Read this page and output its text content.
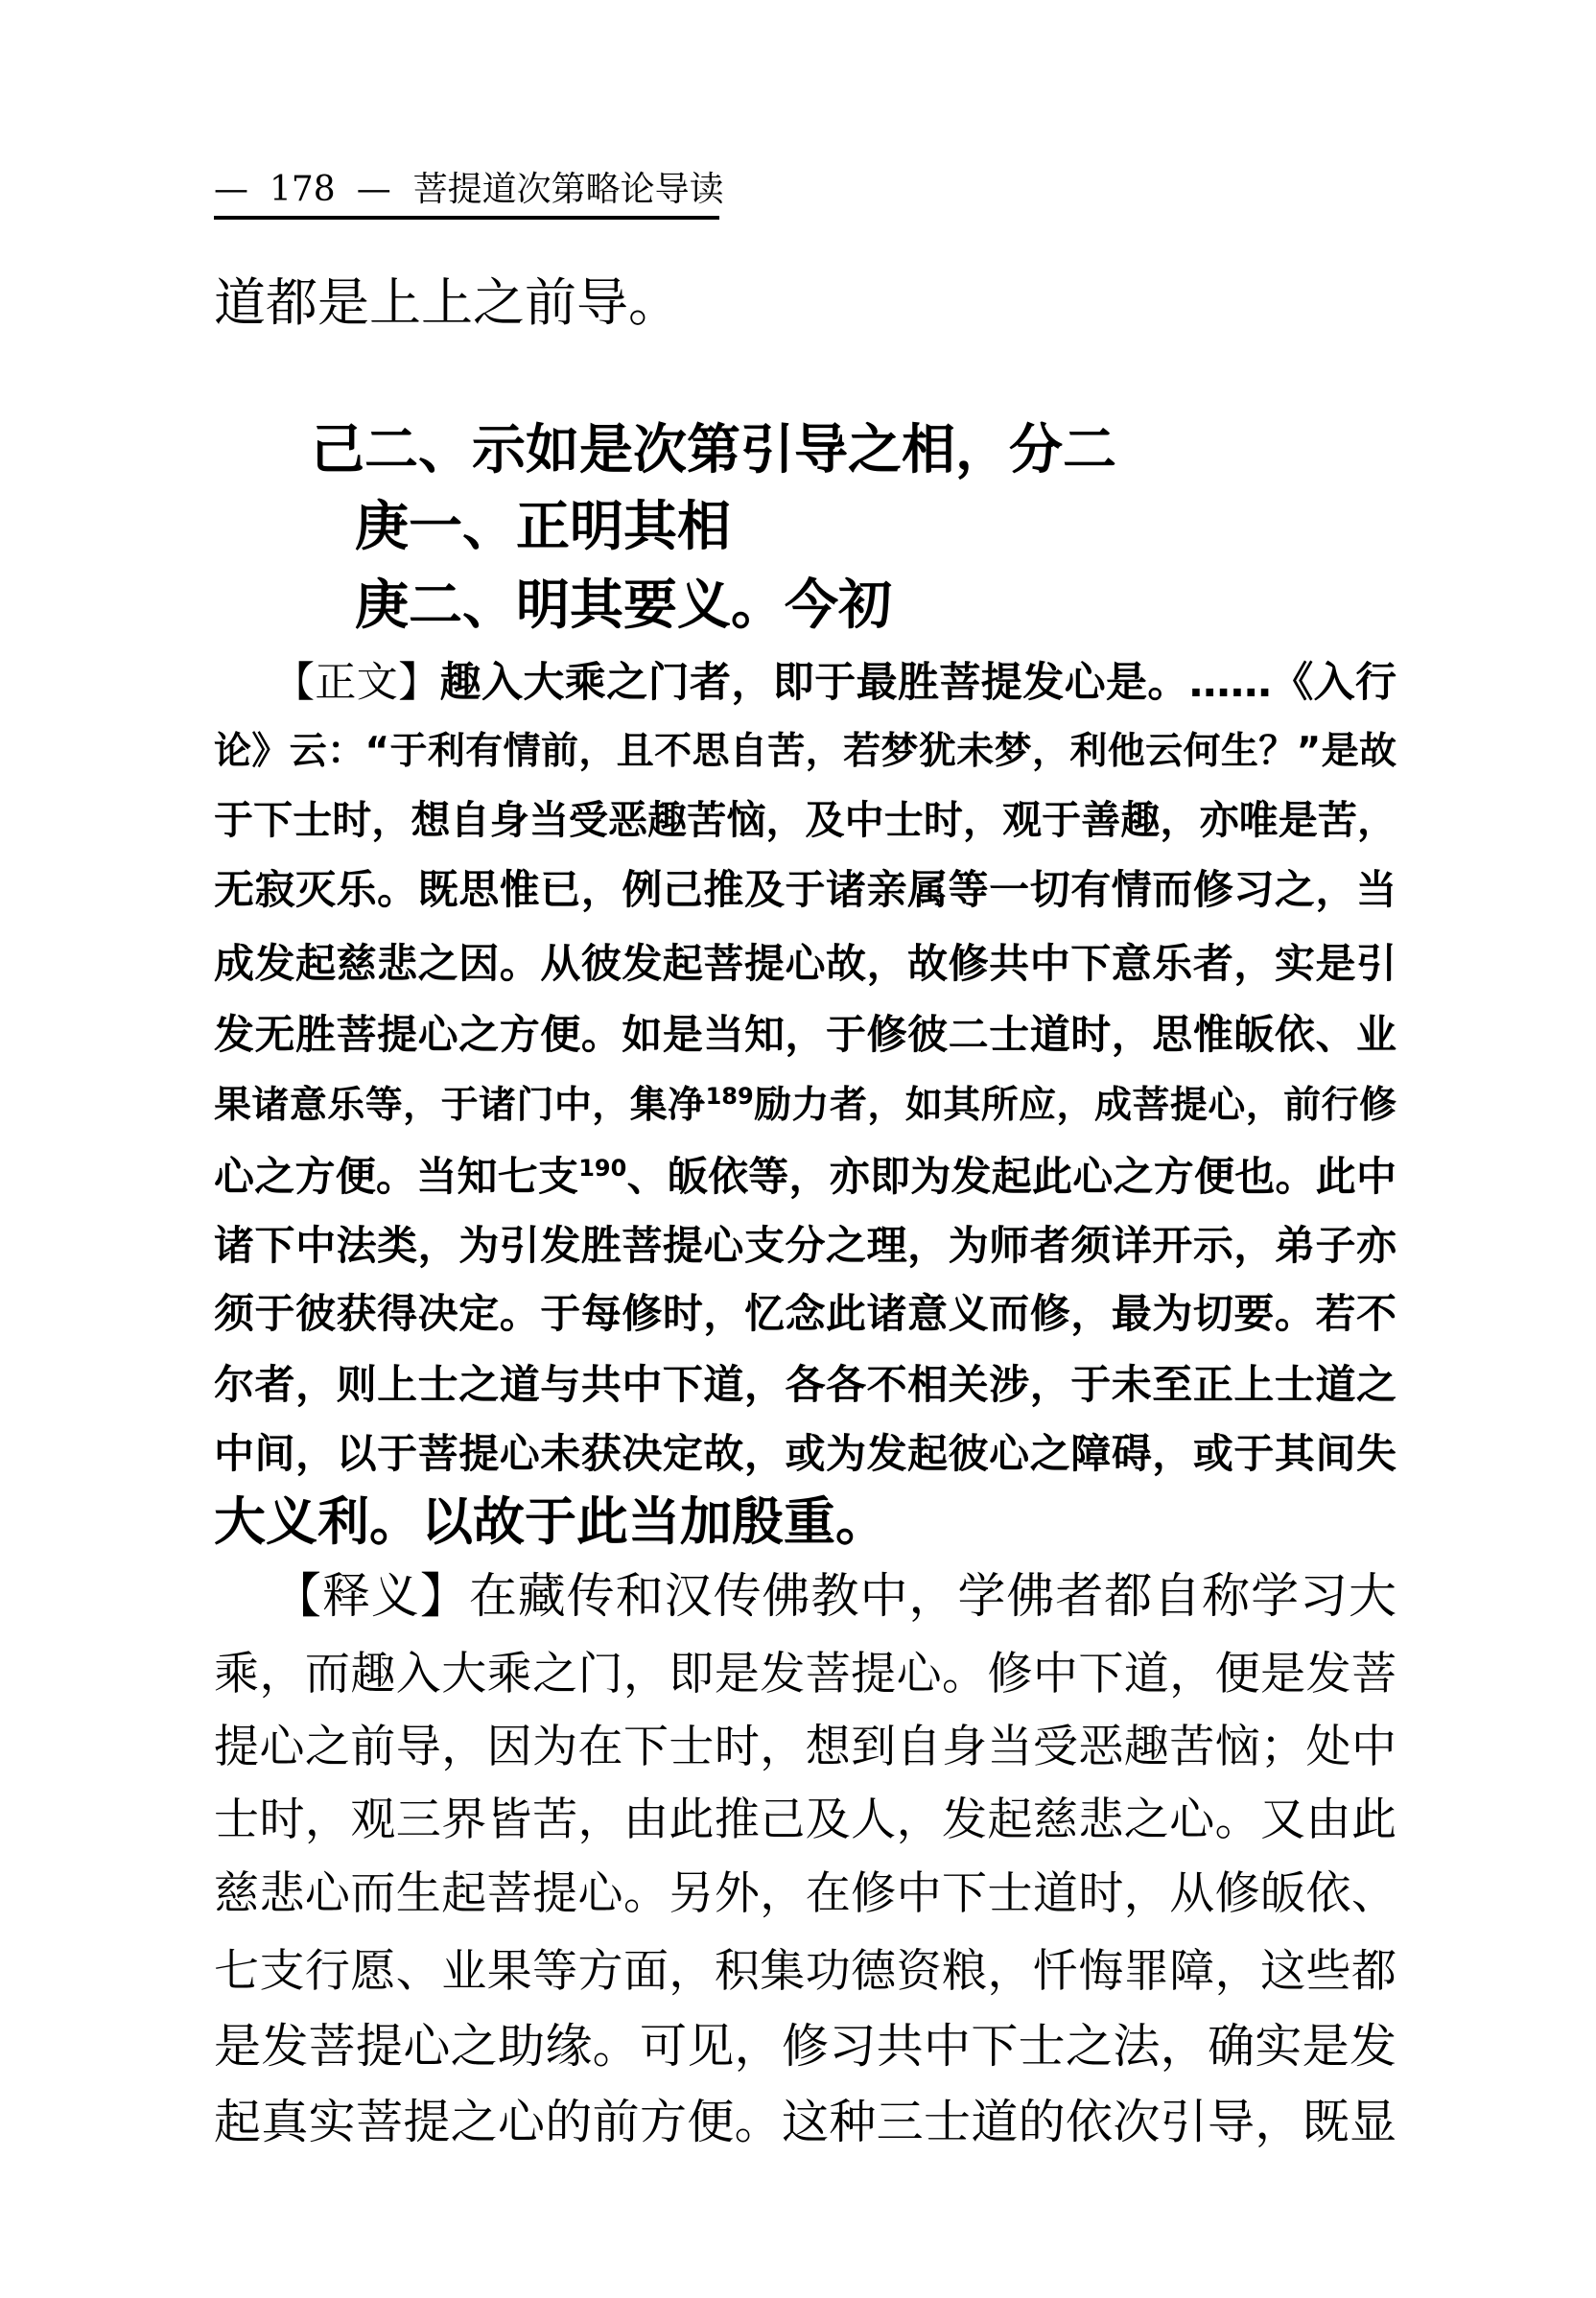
— 178 — 菩提道次第略论导读
道都是上上之前导。
己二、示如是次第引导之相，分二
庚一、正明其相
庚二、明其要义。今初
【正文】趣入大乘之门者，即于最胜菩提发心是。……《入行
论》云：“于利有情前，且不思自苦，若梦犹未梦，利他云何生？”是故
于下士时，想自身当受恶趣苦恼，及中士时，观于善趣，亦唯是苦，
无寂灭乐。既思惟已，例己推及于诸亲属等一切有情而修习之，当
成发起慈悲之因。从彼发起菩提心故，故修共中下意乐者，实是引
发无胜菩提心之方便。如是当知，于修彼二士道时，思惟皈依、业
果诸意乐等，于诸门中，集净$^{189}$励力者，如其所应，成菩提心，前行修
心之方便。当知七支$^{190}$、皈依等，亦即为发起此心之方便也。此中
诸下中法类，为引发胜菩提心支分之理，为师者须详开示，弟子亦
须于彼获得决定。于每修时，忆念此诸意义而修，最为切要。若不
尔者，则上士之道与共中下道，各各不相关涉，于未至正上士道之
中间，以于菩提心未获决定故，或为发起彼心之障碍，或于其间失
大义利。以故于此当加殷重。
【释义】在藏传和汉传佛教中，学佛者都自称学习大
乘，而趣入大乘之门，即是发菩提心。修中下道，便是发菩
提心之前导，因为在下士时，想到自身当受恶趣苦恼；处中
士时，观三界皆苦，由此推己及人，发起慈悲之心。又由此
慈悲心而生起菩提心。另外，在修中下士道时，从修皈依、
七支行愿、业果等方面，积集功德资粮，忏悔罪障，这些都
是发菩提心之助缘。可见，修习共中下士之法，确实是发
起真实菩提之心的前方便。这种三士道的依次引导，既显
